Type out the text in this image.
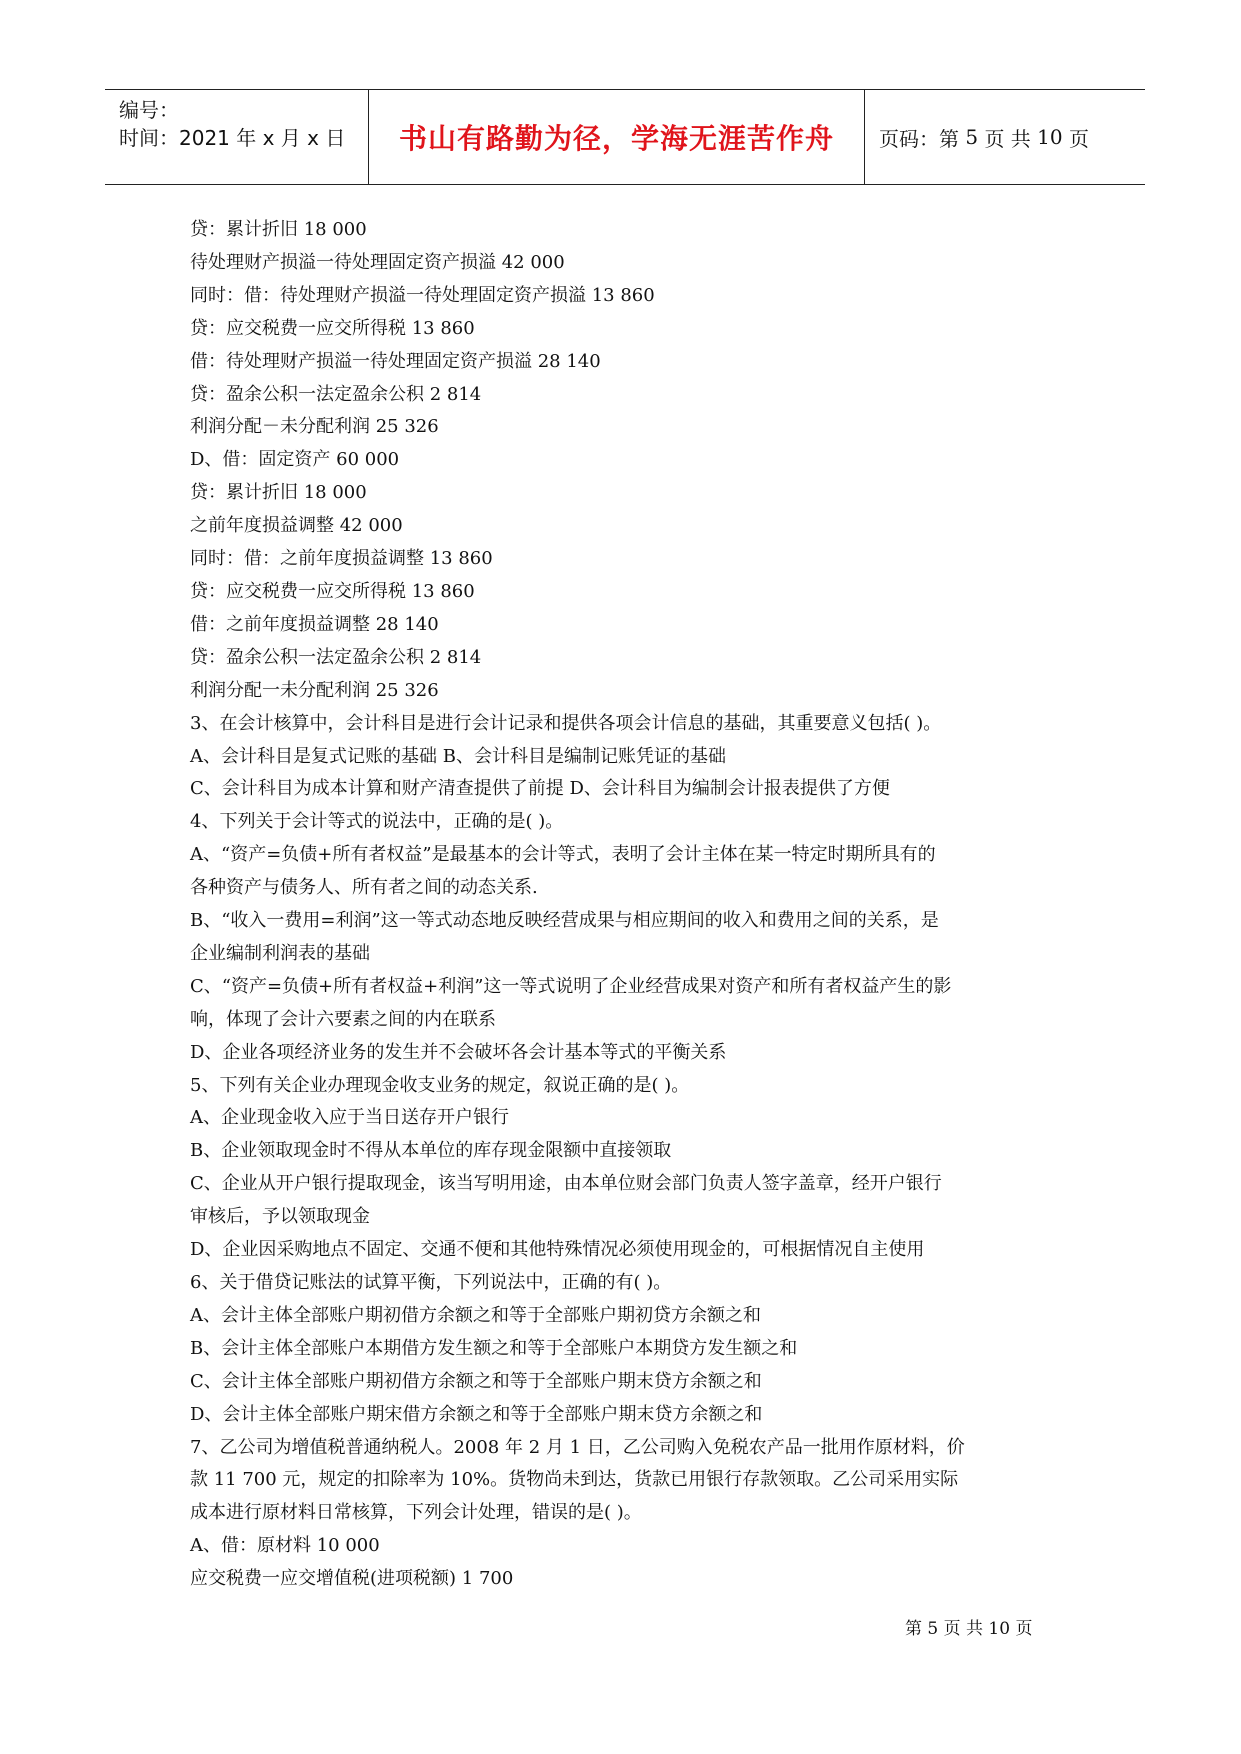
编号：
时间：2021 年 x 月 x 日	书山有路勤为径，学海无涯苦作舟	页码：第 5 页 共 10 页

贷：累计折旧 18 000

待处理财产损溢一待处理固定资产损溢 42 000

同时：借：待处理财产损溢一待处理固定资产损溢 13 860

贷：应交税费一应交所得税 13 860

借：待处理财产损溢一待处理固定资产损溢 28 140

贷：盈余公积一法定盈余公积 2 814

利润分配－未分配利润 25 326

D、借：固定资产 60 000

贷：累计折旧 18 000

之前年度损益调整 42 000

同时：借：之前年度损益调整 13 860

贷：应交税费一应交所得税 13 860

借：之前年度损益调整 28 140

贷：盈余公积一法定盈余公积 2 814

利润分配一未分配利润 25 326

3、在会计核算中，会计科目是进行会计记录和提供各项会计信息的基础，其重要意义包括( )。

A、会计科目是复式记账的基础 B、会计科目是编制记账凭证的基础

C、会计科目为成本计算和财产清查提供了前提 D、会计科目为编制会计报表提供了方便

4、下列关于会计等式的说法中，正确的是( )。

A、“资产=负债+所有者权益”是最基本的会计等式，表明了会计主体在某一特定时期所具有的

各种资产与债务人、所有者之间的动态关系.

B、“收入一费用=利润”这一等式动态地反映经营成果与相应期间的收入和费用之间的关系，是

企业编制利润表的基础

C、“资产=负债+所有者权益+利润”这一等式说明了企业经营成果对资产和所有者权益产生的影

响，体现了会计六要素之间的内在联系

D、企业各项经济业务的发生并不会破坏各会计基本等式的平衡关系

5、下列有关企业办理现金收支业务的规定，叙说正确的是( )。

A、企业现金收入应于当日送存开户银行

B、企业领取现金时不得从本单位的库存现金限额中直接领取

C、企业从开户银行提取现金，该当写明用途，由本单位财会部门负责人签字盖章，经开户银行

审核后，予以领取现金

D、企业因采购地点不固定、交通不便和其他特殊情况必须使用现金的，可根据情况自主使用

6、关于借贷记账法的试算平衡，下列说法中，正确的有( )。

A、会计主体全部账户期初借方余额之和等于全部账户期初贷方余额之和

B、会计主体全部账户本期借方发生额之和等于全部账户本期贷方发生额之和

C、会计主体全部账户期初借方余额之和等于全部账户期末贷方余额之和

D、会计主体全部账户期宋借方余额之和等于全部账户期末贷方余额之和

7、乙公司为增值税普通纳税人。2008 年 2 月 1 日，乙公司购入免税农产品一批用作原材料，价

款 11 700 元，规定的扣除率为 10%。货物尚未到达，货款已用银行存款领取。乙公司采用实际

成本进行原材料日常核算，下列会计处理，错误的是( )。

A、借：原材料 10 000

应交税费一应交增值税(进项税额) 1 700

第 5 页 共 10 页
